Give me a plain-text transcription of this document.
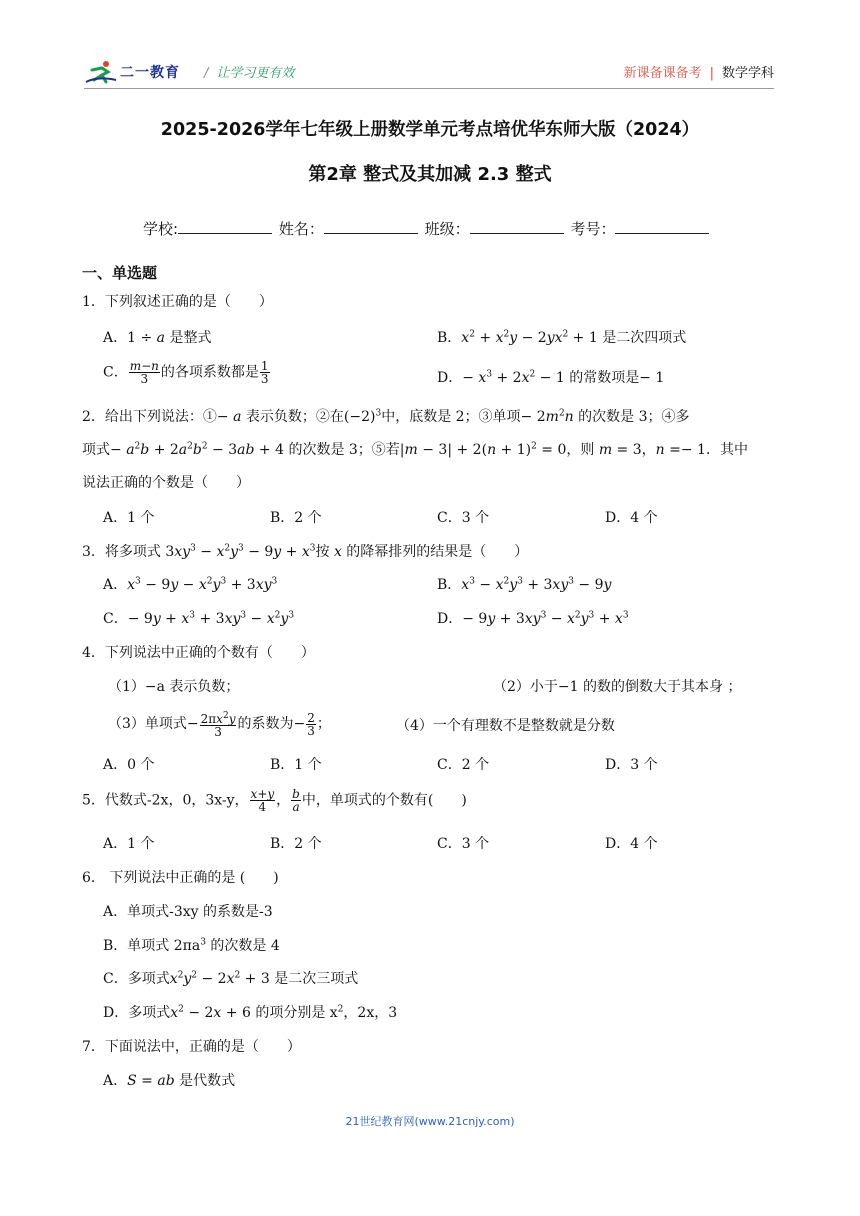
二一教育 / 让学习更有效	新课备课备考 | 数学学科
2025-2026学年七年级上册数学单元考点培优华东师大版（2024）
第2章 整式及其加减 2.3 整式
学校:	姓名：	班级：	考号：
一、单选题
1．下列叙述正确的是（　　）
A．1 ÷ a 是整式	B．$x^2 + x^2y - 2yx^2 + 1$ 是二次四项式
C． $\frac{m-n}{3}$ 的各项系数都是 $\frac{1}{3}$	D．− $x^3 + 2x^2 - 1$ 的常数项是− 1
2．给出下列说法：①− a 表示负数；②在$(-2)^3$中，底数是 2；③单项− $2m^2n$ 的次数是 3；④多
项式− $a^2b + 2a^2b^2 - 3ab + 4$ 的次数是 3；⑤若$|m - 3| + 2(n + 1)^2 = 0$，则 m = 3，n =− 1．其中
说法正确的个数是（　　）
A．1 个	B．2 个	C．3 个	D．4 个
3．将多项式 $3xy^3 - x^2y^3 - 9y + x^3$按 x 的降幂排列的结果是（　　）
A．$x^3 - 9y - x^2y^3 + 3xy^3$	B．$x^3 - x^2y^3 + 3xy^3 - 9y$
C．− $9y + x^3 + 3xy^3 - x^2y^3$	D．− $9y + 3xy^3 - x^2y^3 + x^3$
4．下列说法中正确的个数有（　　）
（1）−a 表示负数；	（2）小于−1 的数的倒数大于其本身 ；
（3）单项式− $\frac{2\pi x^2y}{3}$ 的系数为− $\frac{2}{3}$ ；	（4）一个有理数不是整数就是分数
A．0 个	B．1 个	C．2 个	D．3 个
5．代数式-2x，0，3x-y， $\frac{x+y}{4}$ ， $\frac{b}{a}$ 中，单项式的个数有(　　)
A．1 个	B．2 个	C．3 个	D．4 个
6． 下列说法中正确的是 (　　)
A．单项式-3xy 的系数是-3
B．单项式 $2\pi a^3$ 的次数是 4
C．多项式$x^2y^2 - 2x^2 + 3$ 是二次三项式
D．多项式$x^2 - 2x + 6$ 的项分别是 $x^2$，2x，3
7．下面说法中，正确的是（　　）
A．S = ab 是代数式
21世纪教育网(www.21cnjy.com)
